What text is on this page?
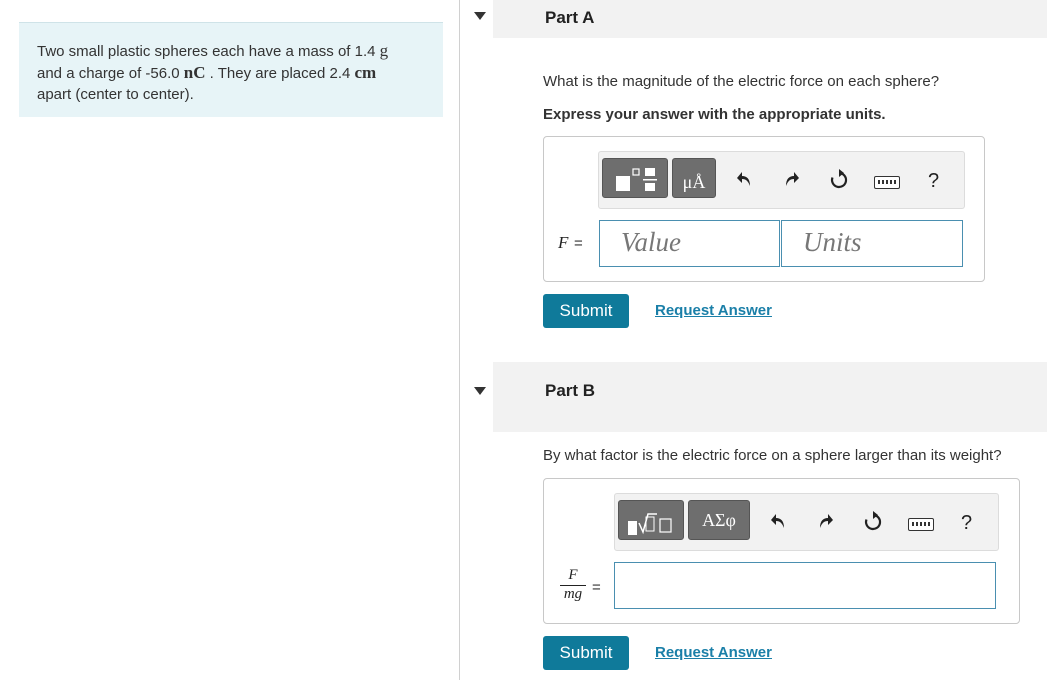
Two small plastic spheres each have a mass of 1.4 g
and a charge of -56.0 nC . They are placed 2.4 cm
apart (center to center).
Part A
What is the magnitude of the electric force on each sphere?
Express your answer with the appropriate units.
μÅ	?
F = Value	Units
Submit	Request Answer
Part B
By what factor is the electric force on a sphere larger than its weight?
ΑΣφ	?
$\frac{F}{mg}$ =
Submit	Request Answer
